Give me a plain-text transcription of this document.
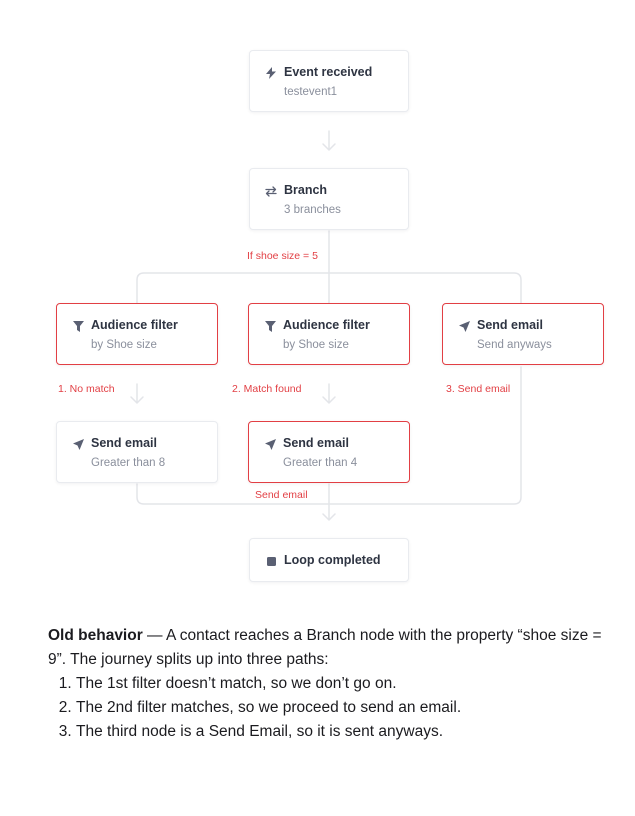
Event received
testevent1
Branch
3 branches
If shoe size = 5
Audience filter
by Shoe size
Audience filter
by Shoe size
Send email
Send anyways
1. No match	2. Match found	3. Send email
Send email
Greater than 8
Send email
Greater than 4
Send email
Loop completed

Old behavior — A contact reaches a Branch node with the property “shoe size = 9”. The journey splits up into three paths:

1. The 1st filter doesn’t match, so we don’t go on.
2. The 2nd filter matches, so we proceed to send an email.
3. The third node is a Send Email, so it is sent anyways.
